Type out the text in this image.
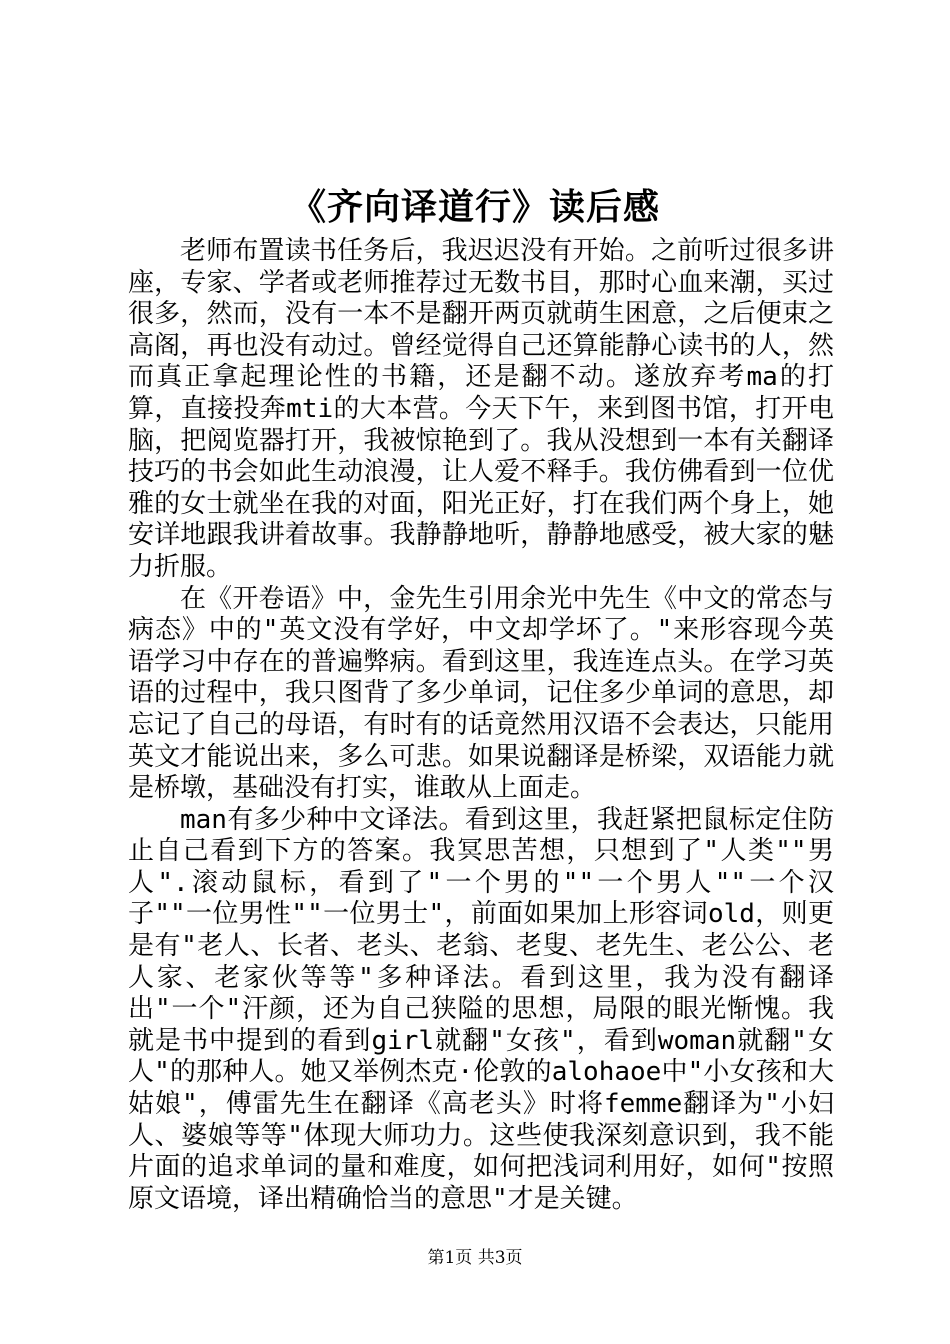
《齐向译道行》读后感

老师布置读书任务后，我迟迟没有开始。之前听过很多讲座，专家、学者或老师推荐过无数书目，那时心血来潮，买过很多，然而，没有一本不是翻开两页就萌生困意，之后便束之高阁，再也没有动过。曾经觉得自己还算能静心读书的人，然而真正拿起理论性的书籍，还是翻不动。遂放弃考ma的打算，直接投奔mti的大本营。今天下午，来到图书馆，打开电脑，把阅览器打开，我被惊艳到了。我从没想到一本有关翻译技巧的书会如此生动浪漫，让人爱不释手。我仿佛看到一位优雅的女士就坐在我的对面，阳光正好，打在我们两个身上，她安详地跟我讲着故事。我静静地听，静静地感受，被大家的魅力折服。

在《开卷语》中，金先生引用余光中先生《中文的常态与病态》中的"英文没有学好，中文却学坏了。"来形容现今英语学习中存在的普遍弊病。看到这里，我连连点头。在学习英语的过程中，我只图背了多少单词，记住多少单词的意思，却忘记了自己的母语，有时有的话竟然用汉语不会表达，只能用英文才能说出来，多么可悲。如果说翻译是桥梁，双语能力就是桥墩，基础没有打实，谁敢从上面走。

man有多少种中文译法。看到这里，我赶紧把鼠标定住防止自己看到下方的答案。我冥思苦想，只想到了"人类""男人".滚动鼠标，看到了"一个男的""一个男人""一个汉子""一位男性""一位男士"，前面如果加上形容词old，则更是有"老人、长者、老头、老翁、老叟、老先生、老公公、老人家、老家伙等等"多种译法。看到这里，我为没有翻译出"一个"汗颜，还为自己狭隘的思想，局限的眼光惭愧。我就是书中提到的看到girl就翻"女孩"，看到woman就翻"女人"的那种人。她又举例杰克·伦敦的alohaoe中"小女孩和大姑娘"，傅雷先生在翻译《高老头》时将femme翻译为"小妇人、婆娘等等"体现大师功力。这些使我深刻意识到，我不能片面的追求单词的量和难度，如何把浅词利用好，如何"按照原文语境，译出精确恰当的意思"才是关键。

第1页 共3页
